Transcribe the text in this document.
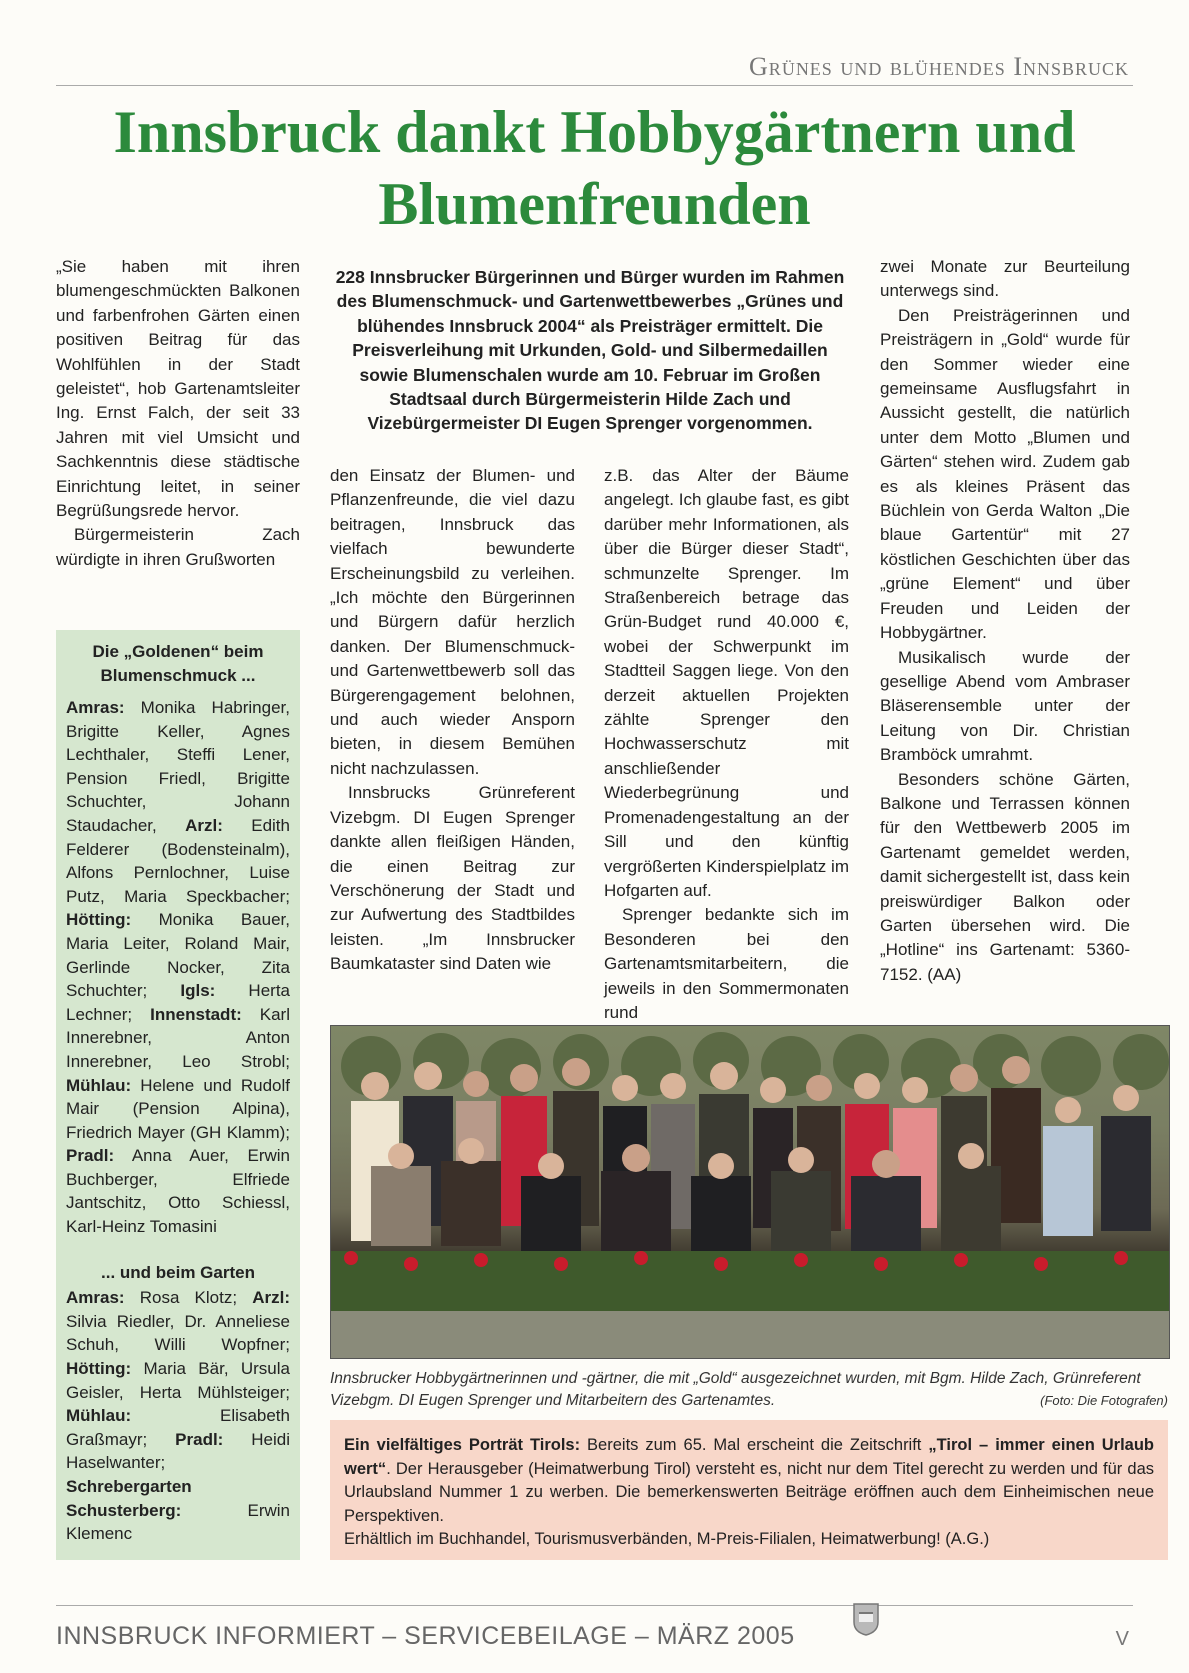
Grünes und blühendes Innsbruck
Innsbruck dankt Hobbygärtnern und Blumenfreunden

„Sie haben mit ihren blumengeschmückten Balkonen und farbenfrohen Gärten einen positiven Beitrag für das Wohlfühlen in der Stadt geleistet“, hob Gartenamtsleiter Ing. Ernst Falch, der seit 33 Jahren mit viel Umsicht und Sachkenntnis diese städtische Einrichtung leitet, in seiner Begrüßungsrede hervor.

Bürgermeisterin Zach würdigte in ihren Grußworten

228 Innsbrucker Bürgerinnen und Bürger wurden im Rahmen des Blumenschmuck- und Gartenwettbewerbes „Grünes und blühendes Innsbruck 2004“ als Preisträger ermittelt. Die Preisverleihung mit Urkunden, Gold- und Silbermedaillen sowie Blumenschalen wurde am 10. Februar im Großen Stadtsaal durch Bürgermeisterin Hilde Zach und Vizebürgermeister DI Eugen Sprenger vorgenommen.

den Einsatz der Blumen- und Pflanzenfreunde, die viel dazu beitragen, Innsbruck das vielfach bewunderte Erscheinungsbild zu verleihen. „Ich möchte den Bürgerinnen und Bürgern dafür herzlich danken. Der Blumenschmuck- und Gartenwettbewerb soll das Bürgerengagement belohnen, und auch wieder Ansporn bieten, in diesem Bemühen nicht nachzulassen.

Innsbrucks Grünreferent Vizebgm. DI Eugen Sprenger dankte allen fleißigen Händen, die einen Beitrag zur Verschönerung der Stadt und zur Aufwertung des Stadtbildes leisten. „Im Innsbrucker Baumkataster sind Daten wie

z.B. das Alter der Bäume angelegt. Ich glaube fast, es gibt darüber mehr Informationen, als über die Bürger dieser Stadt“, schmunzelte Sprenger. Im Straßenbereich betrage das Grün-Budget rund 40.000 €, wobei der Schwerpunkt im Stadtteil Saggen liege. Von den derzeit aktuellen Projekten zählte Sprenger den Hochwasserschutz mit anschließender Wiederbegrünung und Promenadengestaltung an der Sill und den künftig vergrößerten Kinderspielplatz im Hofgarten auf.

Sprenger bedankte sich im Besonderen bei den Gartenamtsmitarbeitern, die jeweils in den Sommermonaten rund

zwei Monate zur Beurteilung unterwegs sind.

Den Preisträgerinnen und Preisträgern in „Gold“ wurde für den Sommer wieder eine gemeinsame Ausflugsfahrt in Aussicht gestellt, die natürlich unter dem Motto „Blumen und Gärten“ stehen wird. Zudem gab es als kleines Präsent das Büchlein von Gerda Walton „Die blaue Gartentür“ mit 27 köstlichen Geschichten über das „grüne Element“ und über Freuden und Leiden der Hobbygärtner.

Musikalisch wurde der gesellige Abend vom Ambraser Bläserensemble unter der Leitung von Dir. Christian Bramböck umrahmt.

Besonders schöne Gärten, Balkone und Terrassen können für den Wettbewerb 2005 im Gartenamt gemeldet werden, damit sichergestellt ist, dass kein preiswürdiger Balkon oder Garten übersehen wird. Die „Hotline“ ins Gartenamt: 5360-7152. (AA)

Die „Goldenen“ beim Blumenschmuck ...

Amras: Monika Habringer, Brigitte Keller, Agnes Lechthaler, Steffi Lener, Pension Friedl, Brigitte Schuchter, Johann Staudacher, Arzl: Edith Felderer (Bodensteinalm), Alfons Pernlochner, Luise Putz, Maria Speckbacher; Hötting: Monika Bauer, Maria Leiter, Roland Mair, Gerlinde Nocker, Zita Schuchter; Igls: Herta Lechner; Innenstadt: Karl Innerebner, Anton Innerebner, Leo Strobl; Mühlau: Helene und Rudolf Mair (Pension Alpina), Friedrich Mayer (GH Klamm); Pradl: Anna Auer, Erwin Buchberger, Elfriede Jantschitz, Otto Schiessl, Karl-Heinz Tomasini

... und beim Garten

Amras: Rosa Klotz; Arzl: Silvia Riedler, Dr. Anneliese Schuh, Willi Wopfner; Hötting: Maria Bär, Ursula Geisler, Herta Mühlsteiger; Mühlau: Elisabeth Graßmayr; Pradl: Heidi Haselwanter; Schrebergarten Schusterberg: Erwin Klemenc

Innsbrucker Hobbygärtnerinnen und -gärtner, die mit „Gold“ ausgezeichnet wurden, mit Bgm. Hilde Zach, Grünreferent Vizebgm. DI Eugen Sprenger und Mitarbeitern des Gartenamtes.	(Foto: Die Fotografen)
Ein vielfältiges Porträt Tirols: Bereits zum 65. Mal erscheint die Zeitschrift „Tirol – immer einen Urlaub wert“. Der Herausgeber (Heimatwerbung Tirol) versteht es, nicht nur dem Titel gerecht zu werden und für das Urlaubsland Nummer 1 zu werben. Die bemerkenswerten Beiträge eröffnen auch dem Einheimischen neue Perspektiven.
Erhältlich im Buchhandel, Tourismusverbänden, M-Preis-Filialen, Heimatwerbung! (A.G.)
INNSBRUCK INFORMIERT – SERVICEBEILAGE – MÄRZ 2005	V
